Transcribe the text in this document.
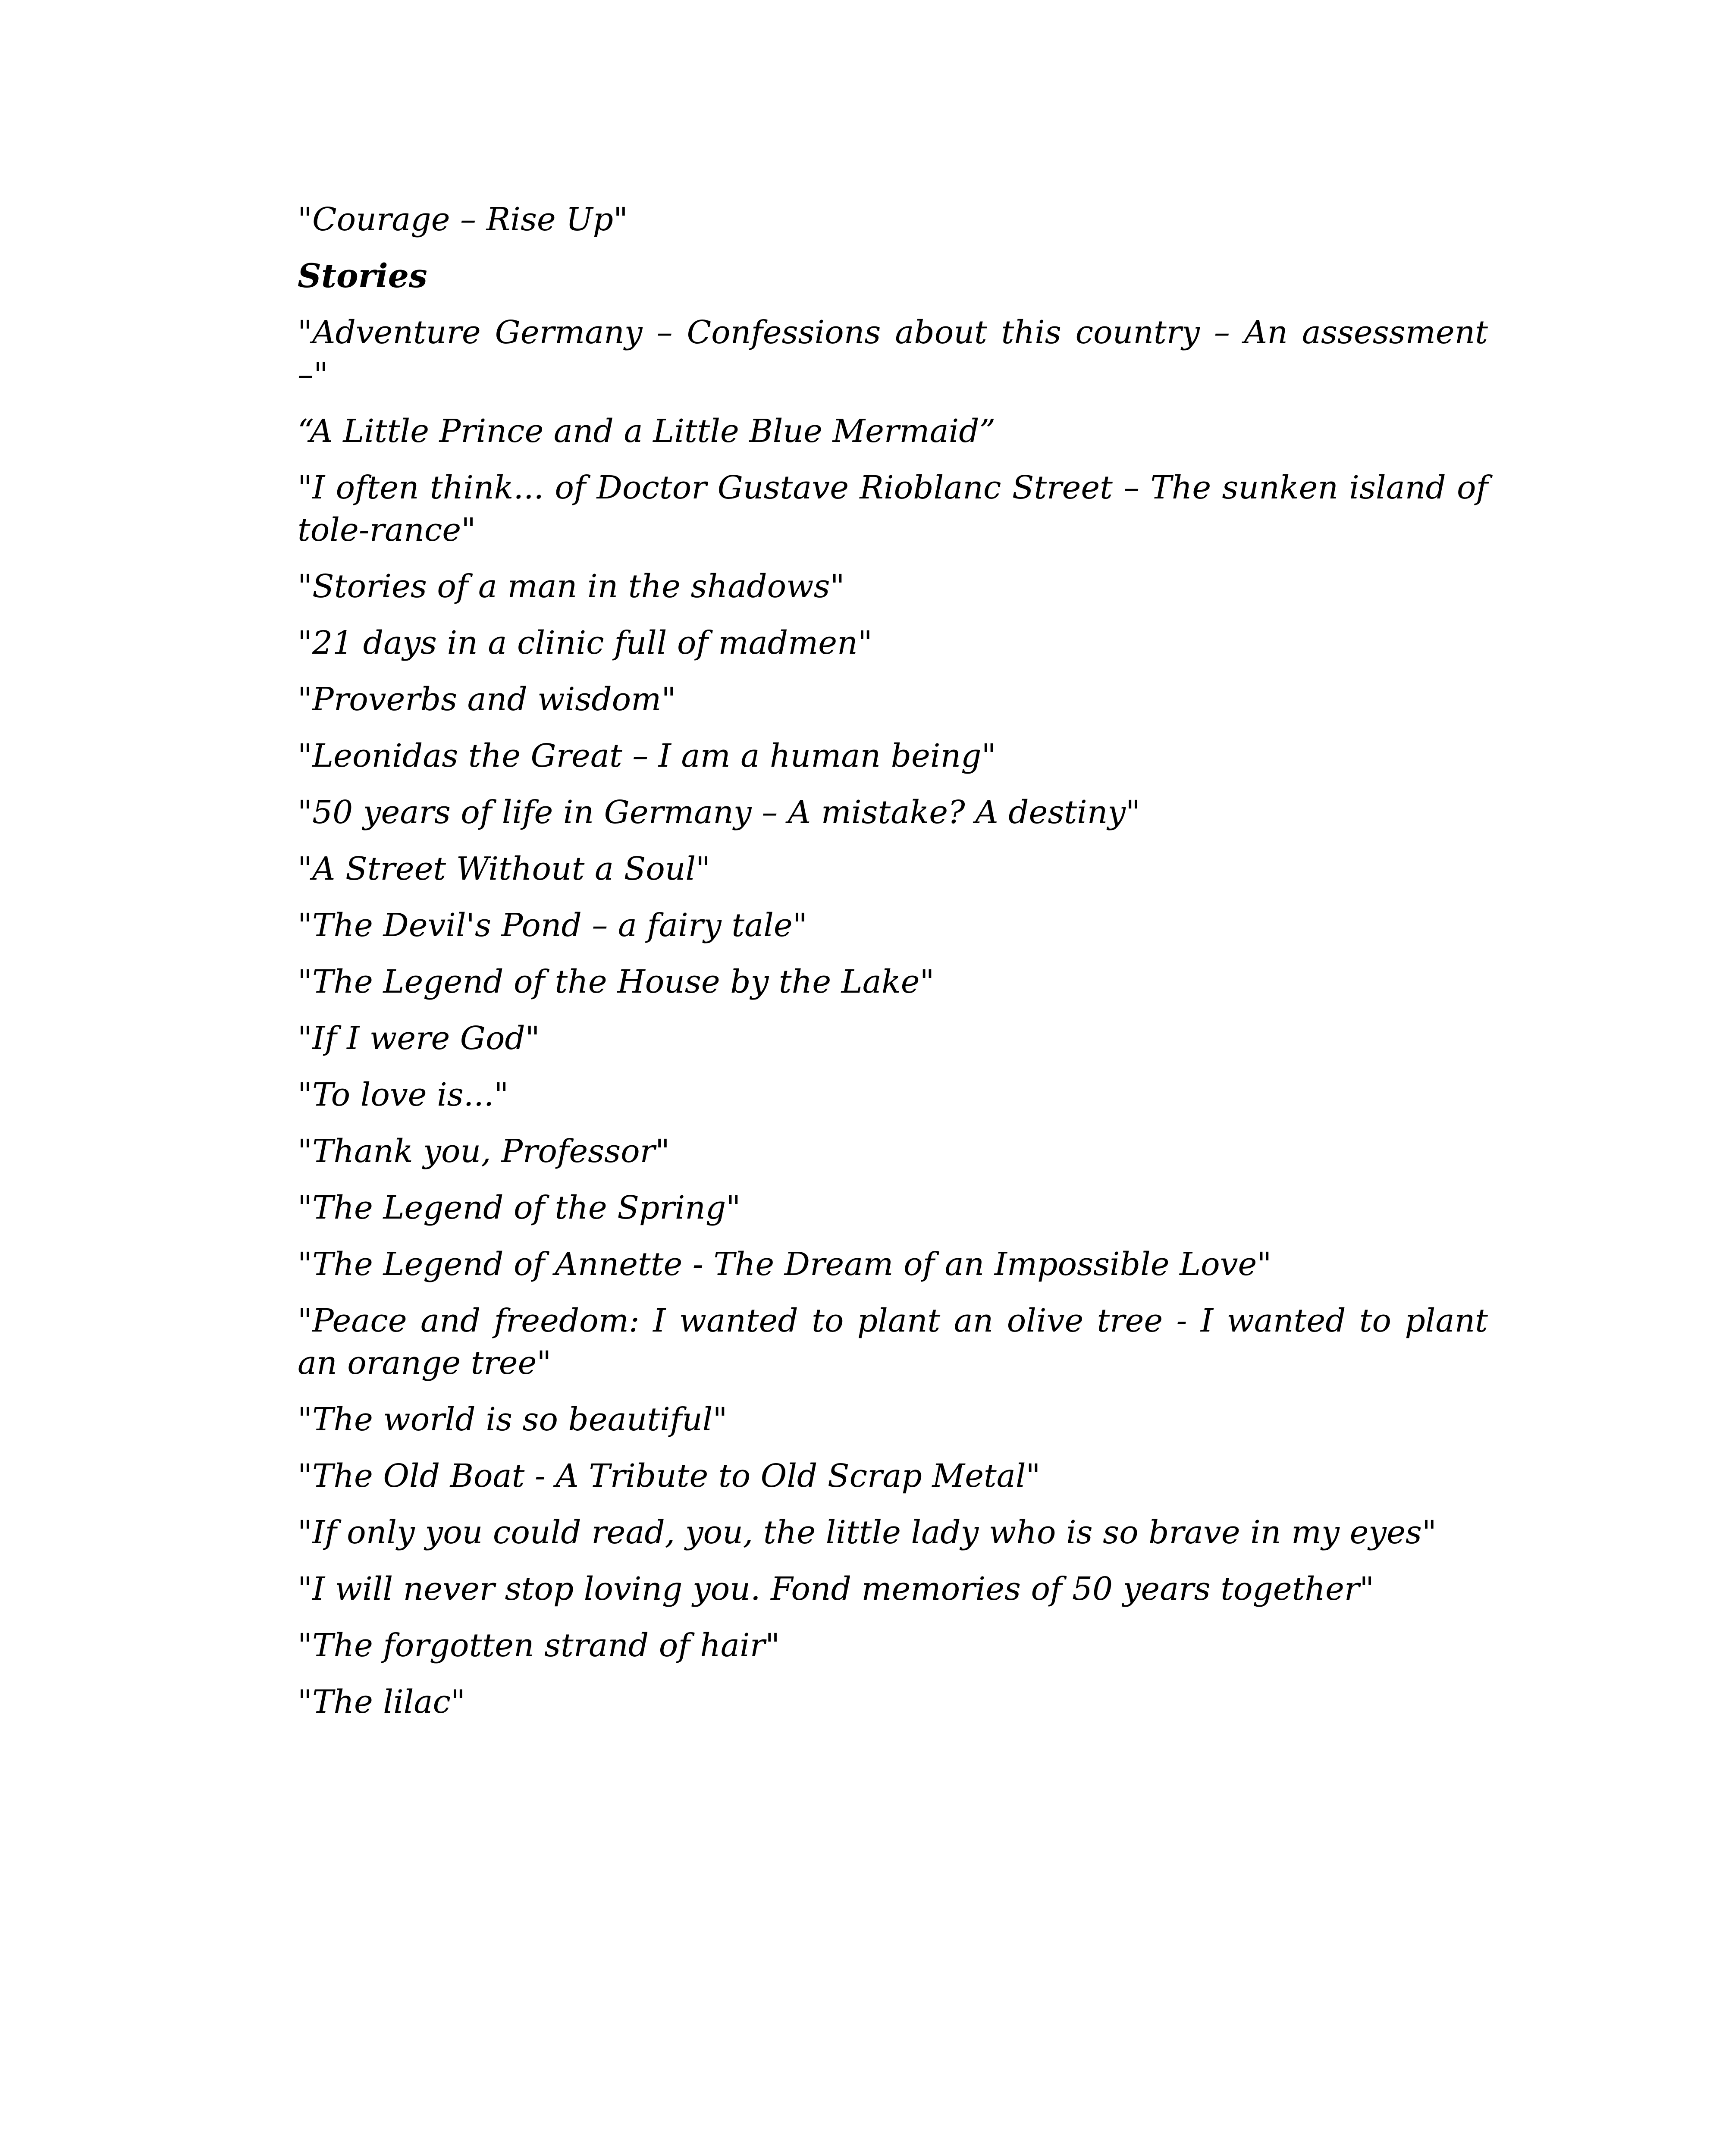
"Courage – Rise Up"
Stories
"Adventure Germany – Confessions about this country – An assessment –"
“A Little Prince and a Little Blue Mermaid”
"I often think... of Doctor Gustave Rioblanc Street – The sunken island of tole-rance"
"Stories of a man in the shadows"
"21 days in a clinic full of madmen"
"Proverbs and wisdom"
"Leonidas the Great – I am a human being"
"50 years of life in Germany – A mistake? A destiny"
"A Street Without a Soul"
"The Devil's Pond – a fairy tale"
"The Legend of the House by the Lake"
"If I were God"
"To love is..."
"Thank you, Professor"
"The Legend of the Spring"
"The Legend of Annette - The Dream of an Impossible Love"
"Peace and freedom: I wanted to plant an olive tree - I wanted to plant an orange tree"
"The world is so beautiful"
"The Old Boat - A Tribute to Old Scrap Metal"
"If only you could read, you, the little lady who is so brave in my eyes"
"I will never stop loving you. Fond memories of 50 years together"
"The forgotten strand of hair"
"The lilac"
